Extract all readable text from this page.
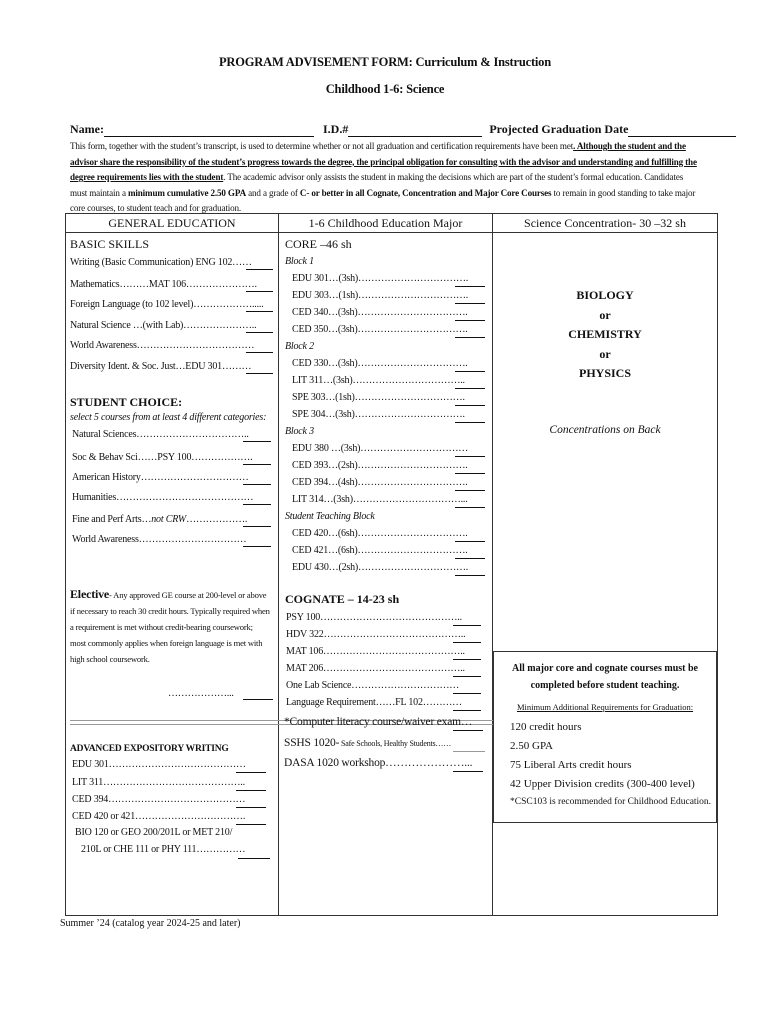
PROGRAM ADVISEMENT FORM: Curriculum & Instruction
Childhood 1-6: Science
Name:	I.D.#	Projected Graduation Date
This form, together with the student’s transcript, is used to determine whether or not all graduation and certification requirements have been met. Although the student and the advisor share the responsibility of the student’s progress towards the degree, the principal obligation for consulting with the advisor and understanding and fulfilling the degree requirements lies with the student. The academic advisor only assists the student in making the decisions which are part of the student’s formal education. Candidates must maintain a minimum cumulative 2.50 GPA and a grade of C- or better in all Cognate, Concentration and Major Core Courses to remain in good standing to take major core courses, to student teach and for graduation.
GENERAL EDUCATION	1-6 Childhood Education Major	Science Concentration- 30 –32 sh
BASIC SKILLS
Writing (Basic Communication) ENG 102……
Mathematics………MAT 106………………….
Foreign Language (to 102 level)……………….....
Natural Science …(with Lab)…………………..
World Awareness………………………………
Diversity Ident. & Soc. Just…EDU 301………
STUDENT CHOICE:
select 5 courses from at least 4 different categories:
Natural Sciences……………………………..
Soc & Behav Sci……PSY 100……………….
American History……………………………
Humanities……………………………………
Fine and Perf Arts…not CRW……………….
World Awareness……………………………
Elective- Any approved GE course at 200-level or above if necessary to reach 30 credit hours. Typically required when a requirement is met without credit-bearing coursework; most commonly applies when foreign language is met with high school coursework.
………………...
ADVANCED EXPOSITORY WRITING
EDU 301……………………………………
LIT 311……………………………………..
CED 394……………………………………
CED 420 or 421…………………………….
BIO 120 or GEO 200/201L or MET 210/
210L or CHE 111 or PHY 111……………
CORE –46 sh
Block 1
EDU 301…(3sh)…………………………….
EDU 303…(1sh)…………………………….
CED 340…(3sh)…………………………….
CED 350…(3sh)…………………………….
Block 2
CED 330…(3sh)…………………………….
LIT 311…(3sh)……………………………..
SPE 303…(1sh)…………………………….
SPE 304…(3sh)…………………………….
Block 3
EDU 380 …(3sh)……………………………
CED 393…(2sh)…………………………….
CED 394…(4sh)…………………………….
LIT 314…(3sh)……………………………...
Student Teaching Block
CED 420…(6sh)…………………………….
CED 421…(6sh)…………………………….
EDU 430…(2sh)…………………………….
COGNATE – 14-23 sh
PSY 100……………………………………..
HDV 322……………………………………..
MAT 106……………………………………..
MAT 206……………………………………..
One Lab Science……………………………
Language Requirement……FL 102…………
*Computer literacy course/waiver exam…
SSHS 1020- Safe Schools, Healthy Students……
DASA 1020 workshop…………………...
BIOLOGY
or
CHEMISTRY
or
PHYSICS
Concentrations on Back
All major core and cognate courses must be completed before student teaching.
Minimum Additional Requirements for Graduation:
120 credit hours
2.50 GPA
75 Liberal Arts credit hours
42 Upper Division credits (300-400 level)
*CSC103 is recommended for Childhood Education.
Summer ’24 (catalog year 2024-25 and later)
